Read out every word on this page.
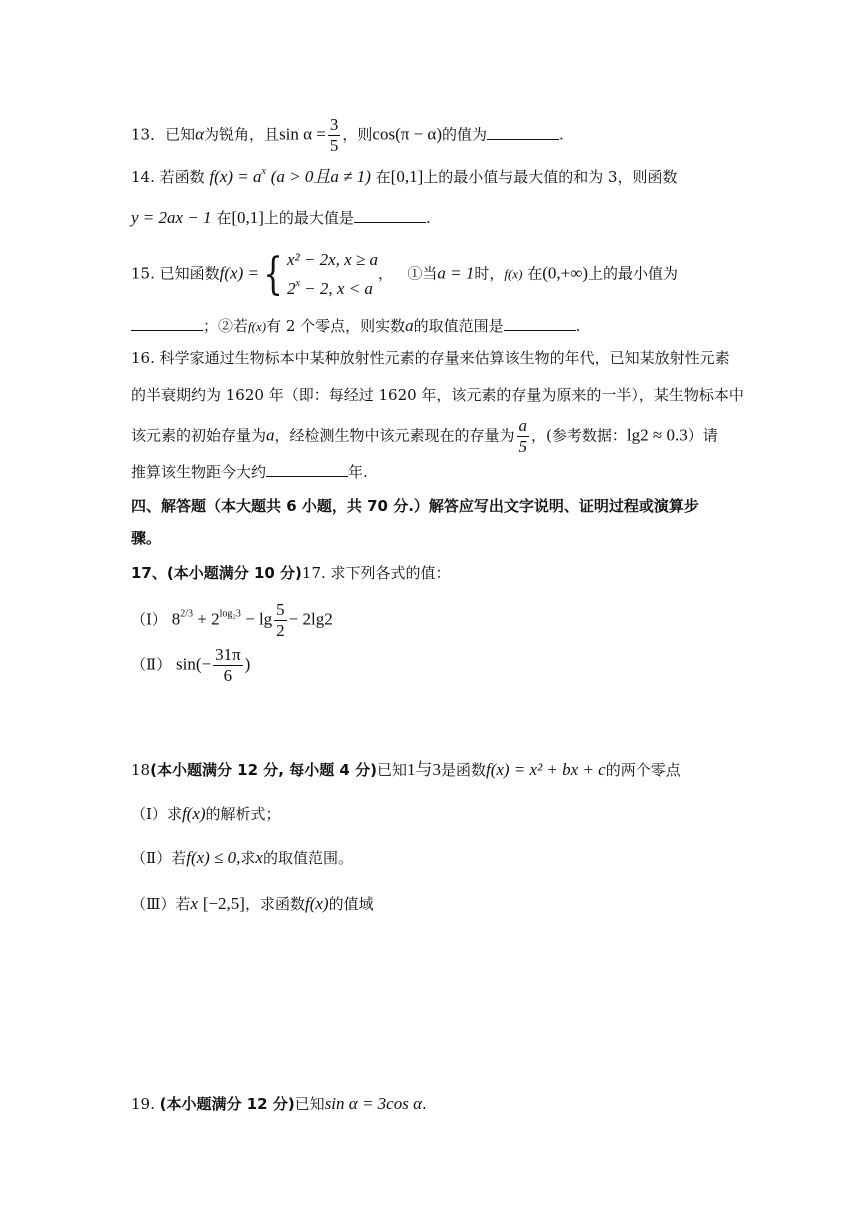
13．已知α为锐角，且$\sin \alpha = \frac{3}{5}$ ，则cos(π − α)的值为	.
14. 若函数 $f(x) = a^x$ (a > 0且a ≠ 1) 在[0,1]上的最小值与最大值的和为 3，则函数
y = 2ax − 1 在[0,1]上的最大值是	.
15. 已知函数f(x) ={ x² − 2x, x ≥ a
$2^x - 2$, x < a
， ①当a = 1时，f(x) 在(0,+∞)上的最小值为
；②若f(x)有 2 个零点，则实数a的取值范围是	.
16. 科学家通过生物标本中某种放射性元素的存量来估算该生物的年代，已知某放射性元素
的半衰期约为 1620 年（即：每经过 1620 年，该元素的存量为原来的一半），某生物标本中
该元素的初始存量为a，经检测生物中该元素现在的存量为 $\frac{a}{5}$ ，(参考数据：lg2 ≈ 0.3）请
推算该生物距今大约	年.
四、解答题（本大题共 6 小题，共 70 分.）解答应写出文字说明、证明过程或演算步
骤。
17、(本小题满分 10 分)17. 求下列各式的值：
（Ⅰ） $8^{2/3} + 2^{log_23} - \lg \frac{5}{2} - 2\lg 2$
（Ⅱ） $\sin(- \frac{31\pi}{6}$ )
18(本小题满分 12 分, 每小题 4 分)已知1与3是函数f(x) = x² + bx + c的两个零点
（Ⅰ）求f(x)的解析式；
（Ⅱ）若f(x) ≤ 0,求x的取值范围。
（Ⅲ）若x [−2,5]，求函数f(x)的值域
19. (本小题满分 12 分)已知sin α = 3cos α.
